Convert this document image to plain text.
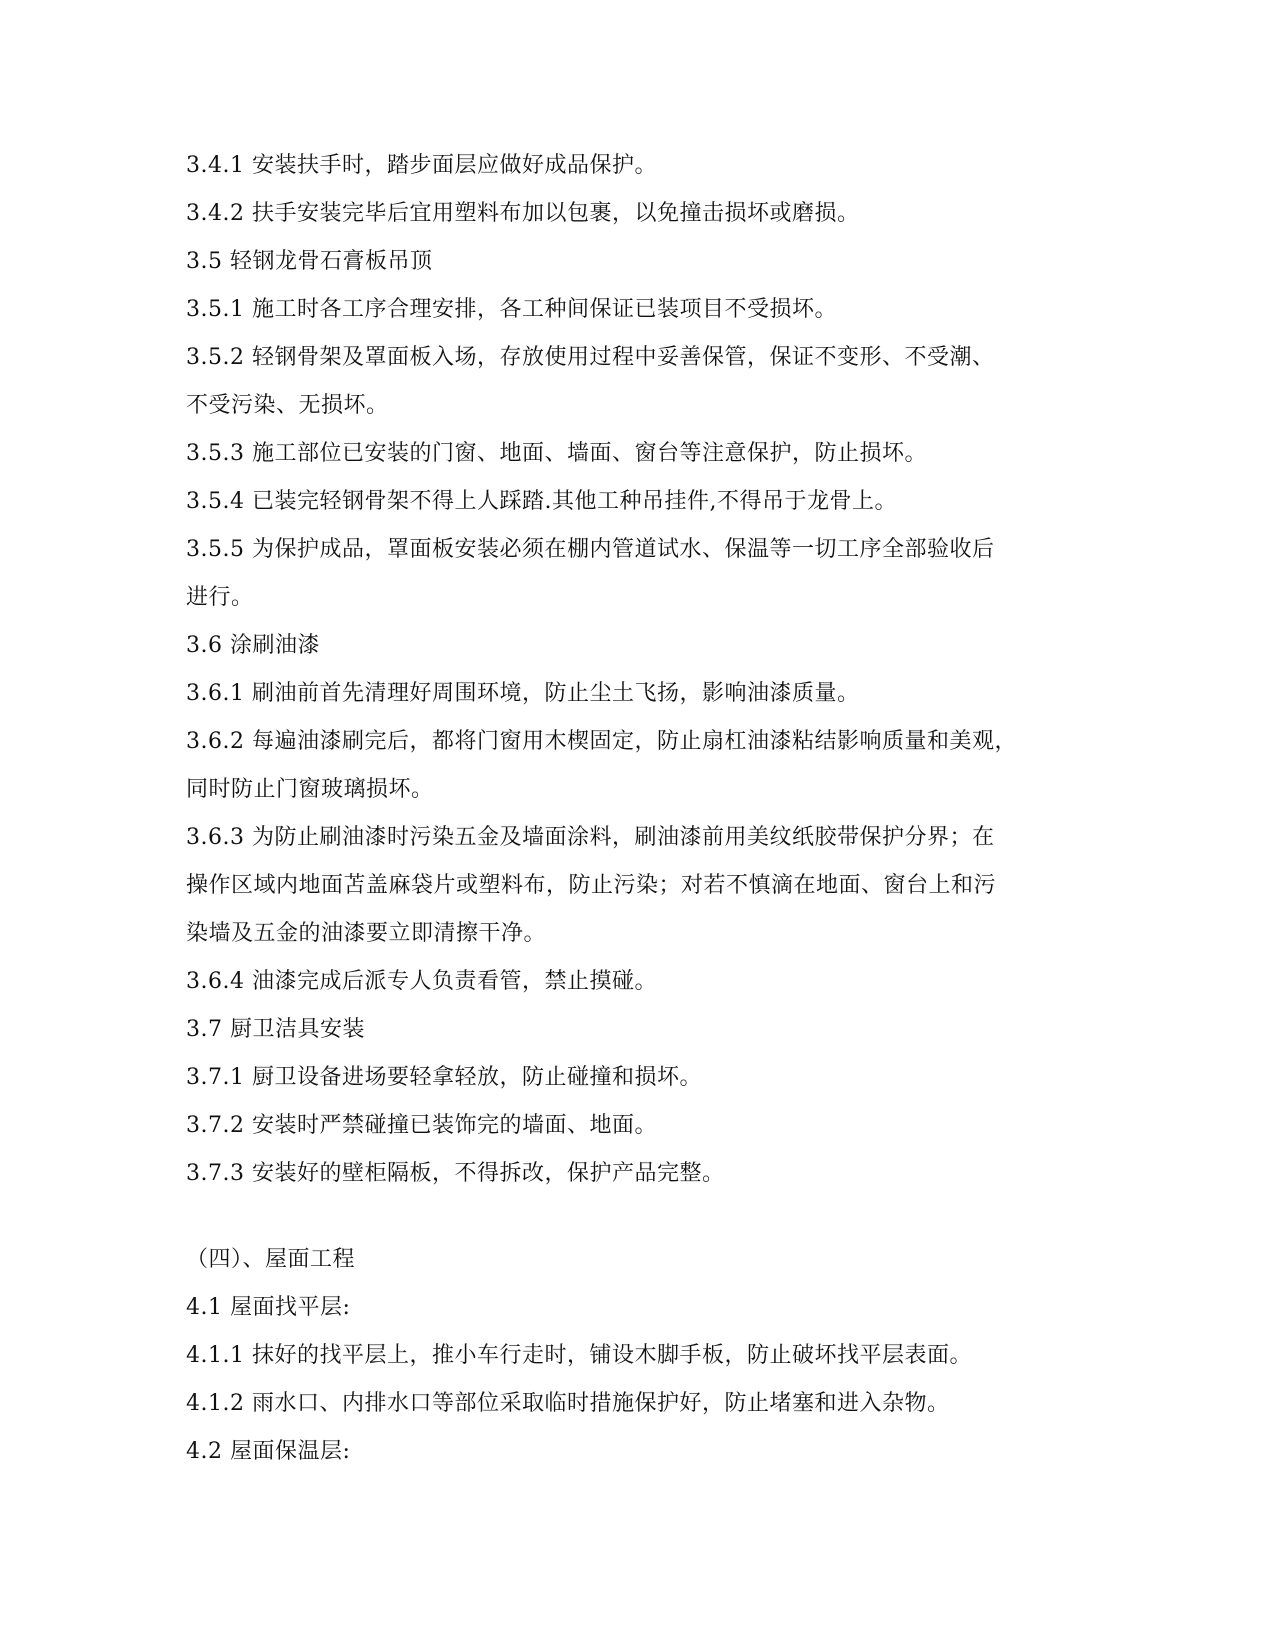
3.4.1 安装扶手时，踏步面层应做好成品保护。
3.4.2 扶手安装完毕后宜用塑料布加以包裹，以免撞击损坏或磨损。
3.5 轻钢龙骨石膏板吊顶
3.5.1 施工时各工序合理安排，各工种间保证已装项目不受损坏。
3.5.2 轻钢骨架及罩面板入场，存放使用过程中妥善保管，保证不变形、不受潮、
不受污染、无损坏。
3.5.3 施工部位已安装的门窗、地面、墙面、窗台等注意保护，防止损坏。
3.5.4 已装完轻钢骨架不得上人踩踏.其他工种吊挂件,不得吊于龙骨上。
3.5.5 为保护成品，罩面板安装必须在棚内管道试水、保温等一切工序全部验收后
进行。
3.6 涂刷油漆
3.6.1 刷油前首先清理好周围环境，防止尘土飞扬，影响油漆质量。
3.6.2 每遍油漆刷完后，都将门窗用木楔固定，防止扇杠油漆粘结影响质量和美观，
同时防止门窗玻璃损坏。
3.6.3 为防止刷油漆时污染五金及墙面涂料，刷油漆前用美纹纸胶带保护分界；在
操作区域内地面苫盖麻袋片或塑料布，防止污染；对若不慎滴在地面、窗台上和污
染墙及五金的油漆要立即清擦干净。
3.6.4 油漆完成后派专人负责看管，禁止摸碰。
3.7 厨卫洁具安装
3.7.1 厨卫设备进场要轻拿轻放，防止碰撞和损坏。
3.7.2 安装时严禁碰撞已装饰完的墙面、地面。
3.7.3 安装好的壁柜隔板，不得拆改，保护产品完整。
（四）、屋面工程
4.1 屋面找平层:
4.1.1 抹好的找平层上，推小车行走时，铺设木脚手板，防止破坏找平层表面。
4.1.2 雨水口、内排水口等部位采取临时措施保护好，防止堵塞和进入杂物。
4.2 屋面保温层:
